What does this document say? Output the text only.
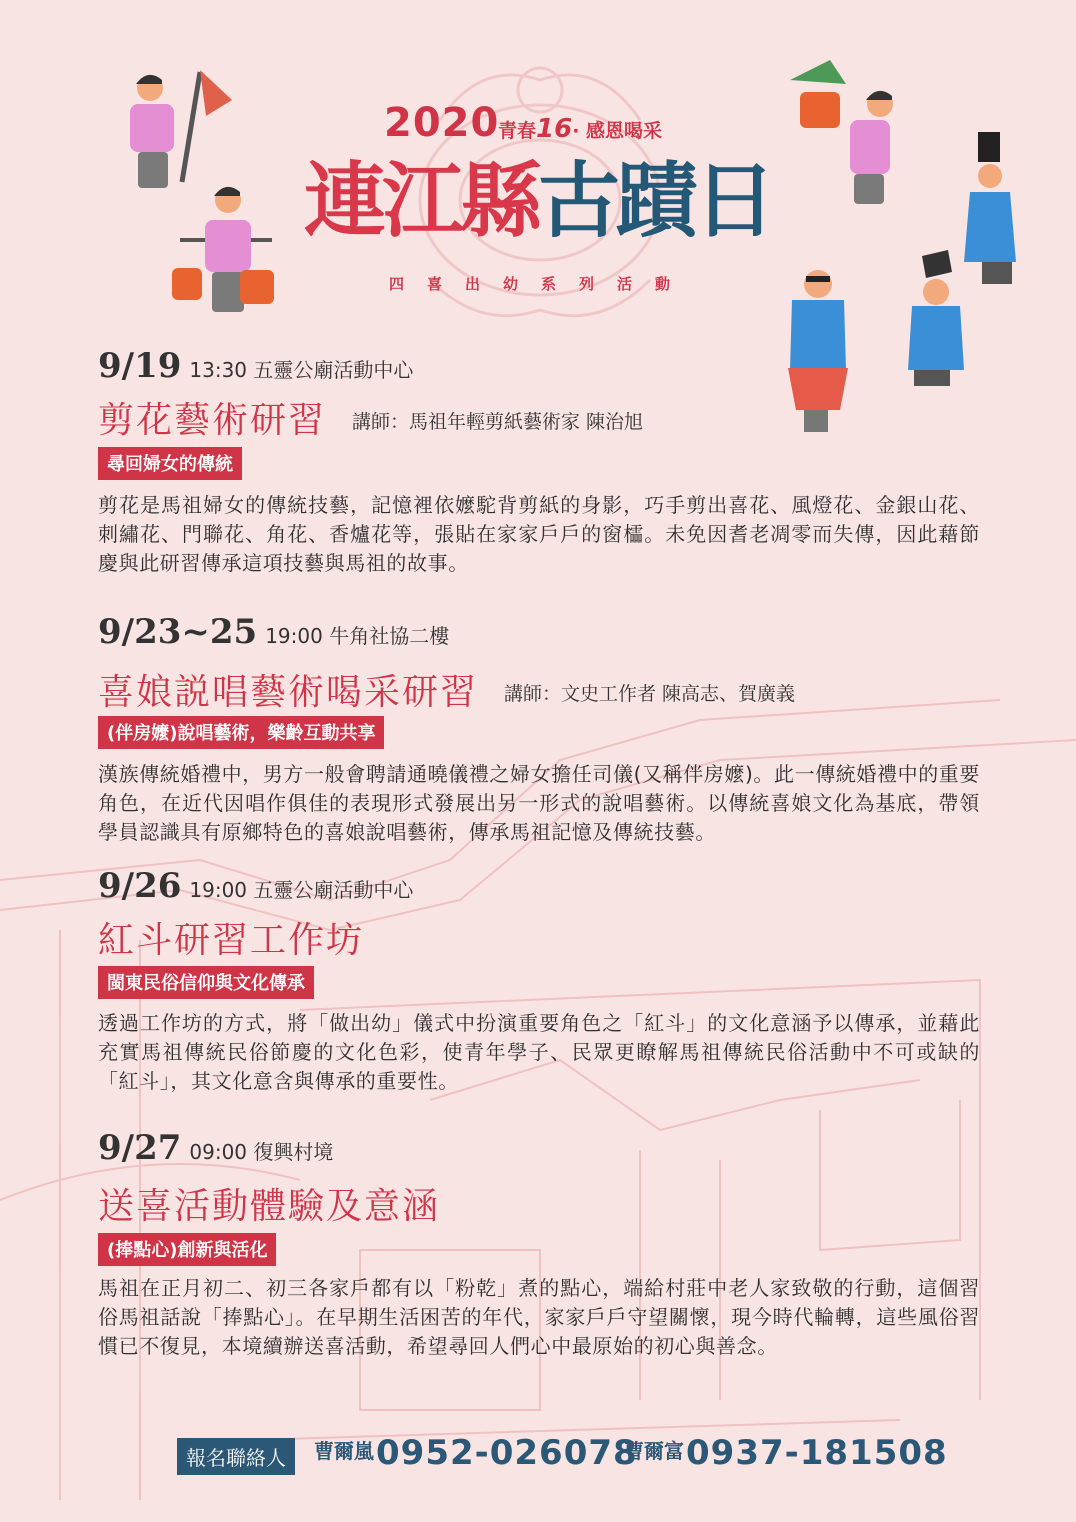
2020
青春16· 感恩喝采
連江縣古蹟日
四喜出幼系列活動
9/19 13:30 五靈公廟活動中心
剪花藝術研習 講師：馬祖年輕剪紙藝術家 陳治旭
尋回婦女的傳統
剪花是馬祖婦女的傳統技藝，記憶裡依嬤駝背剪紙的身影，巧手剪出喜花、風燈花、金銀山花、刺繡花、門聯花、角花、香爐花等，張貼在家家戶戶的窗櫺。未免因耆老凋零而失傳，因此藉節慶與此研習傳承這項技藝與馬祖的故事。
9/23~25 19:00 牛角社協二樓
喜娘説唱藝術喝采研習 講師：文史工作者 陳高志、賀廣義
(伴房嬤)說唱藝術，樂齡互動共享
漢族傳統婚禮中，男方一般會聘請通曉儀禮之婦女擔任司儀(又稱伴房嬤)。此一傳統婚禮中的重要角色，在近代因唱作俱佳的表現形式發展出另一形式的說唱藝術。以傳統喜娘文化為基底，帶領學員認識具有原鄉特色的喜娘說唱藝術，傳承馬祖記憶及傳統技藝。
9/26 19:00 五靈公廟活動中心
紅斗研習工作坊
閩東民俗信仰與文化傳承
透過工作坊的方式，將「做出幼」儀式中扮演重要角色之「紅斗」的文化意涵予以傳承，並藉此充實馬祖傳統民俗節慶的文化色彩，使青年學子、民眾更瞭解馬祖傳統民俗活動中不可或缺的「紅斗」，其文化意含與傳承的重要性。
9/27 09:00 復興村境
送喜活動體驗及意涵
(捧點心)創新與活化
馬祖在正月初二、初三各家戶都有以「粉乾」煮的點心，端給村莊中老人家致敬的行動，這個習俗馬祖話說「捧點心」。在早期生活困苦的年代，家家戶戶守望關懷，現今時代輪轉，這些風俗習慣已不復見，本境續辦送喜活動，希望尋回人們心中最原始的初心與善念。
報名聯絡人	曹爾嵐0952-026078
曹爾富0937-181508
